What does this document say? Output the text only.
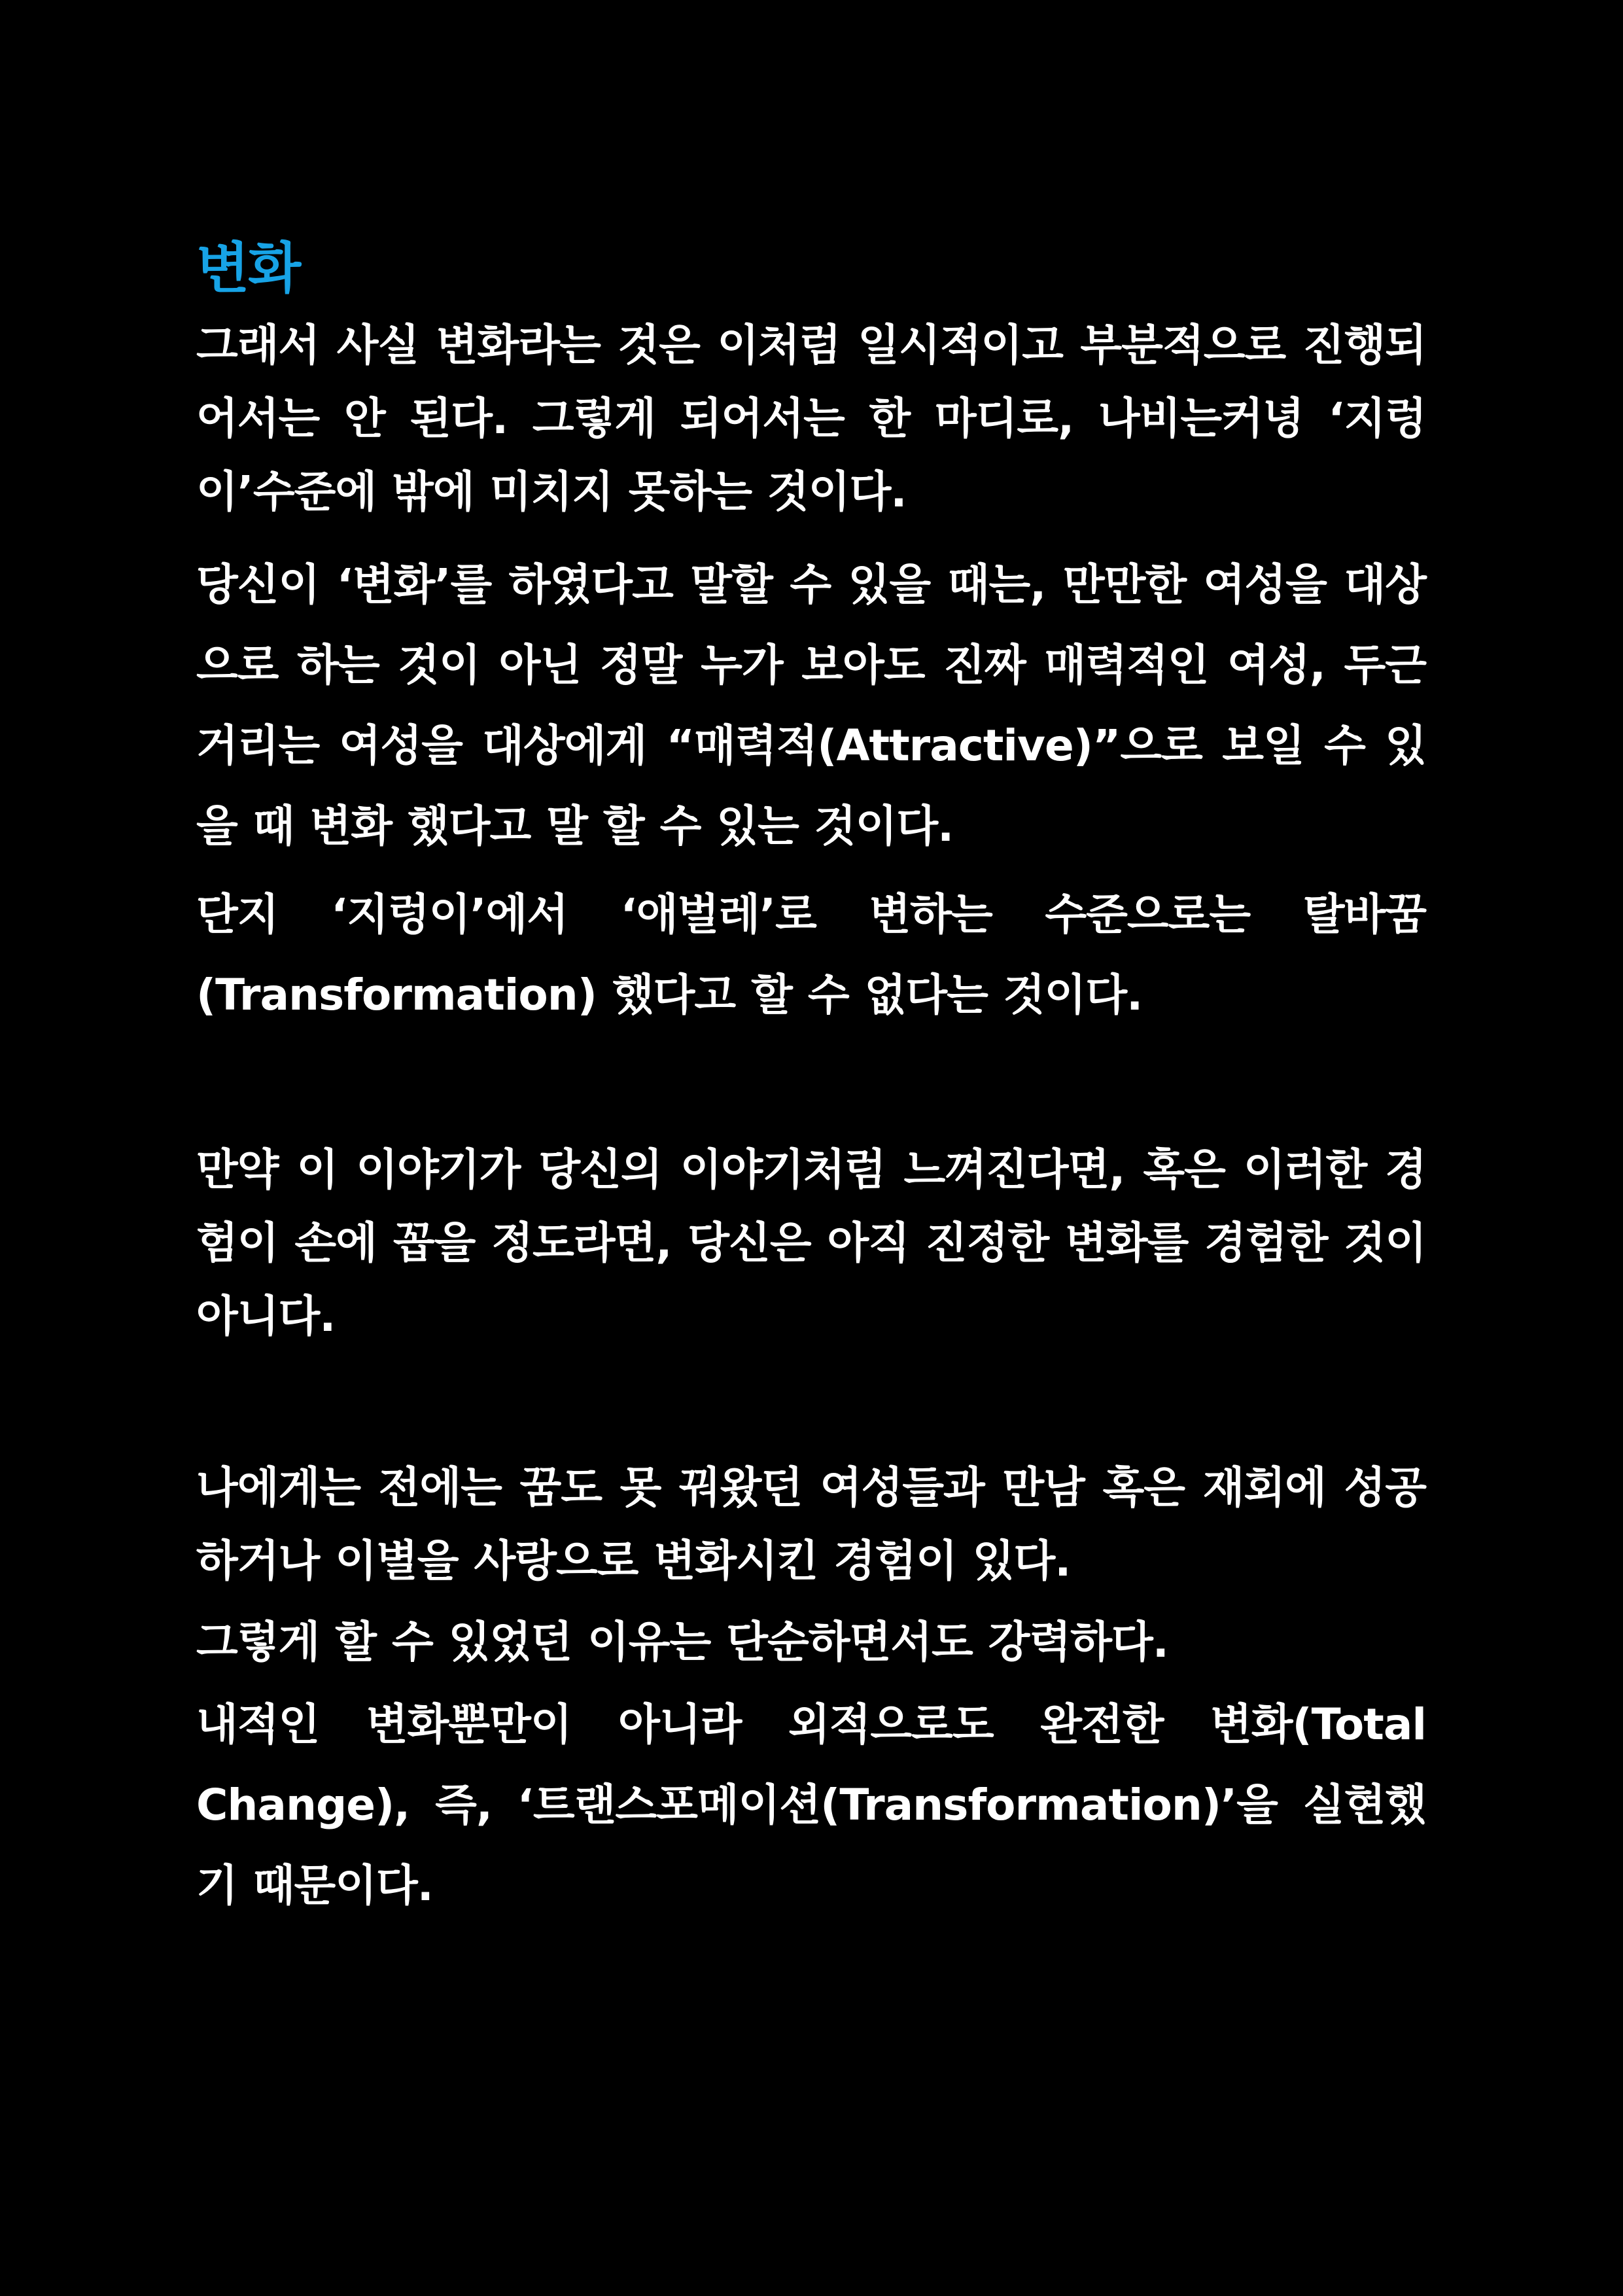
변화

그래서 사실 변화라는 것은 이처럼 일시적이고 부분적으로 진행되어서는 안 된다. 그렇게 되어서는 한 마디로, 나비는커녕 ‘지렁이’수준에 밖에 미치지 못하는 것이다.

당신이 ‘변화’를 하였다고 말할 수 있을 때는, 만만한 여성을 대상으로 하는 것이 아닌 정말 누가 보아도 진짜 매력적인 여성, 두근거리는 여성을 대상에게 “매력적(Attractive)”으로 보일 수 있을 때 변화 했다고 말 할 수 있는 것이다.

단지 ‘지렁이’에서 ‘애벌레’로 변하는 수준으로는 탈바꿈(Transformation) 했다고 할 수 없다는 것이다.

만약 이 이야기가 당신의 이야기처럼 느껴진다면, 혹은 이러한 경험이 손에 꼽을 정도라면, 당신은 아직 진정한 변화를 경험한 것이 아니다.

나에게는 전에는 꿈도 못 꿔왔던 여성들과 만남 혹은 재회에 성공하거나 이별을 사랑으로 변화시킨 경험이 있다.

그렇게 할 수 있었던 이유는 단순하면서도 강력하다.

내적인 변화뿐만이 아니라 외적으로도 완전한 변화(Total Change), 즉, ‘트랜스포메이션(Transformation)’을 실현했기 때문이다.
